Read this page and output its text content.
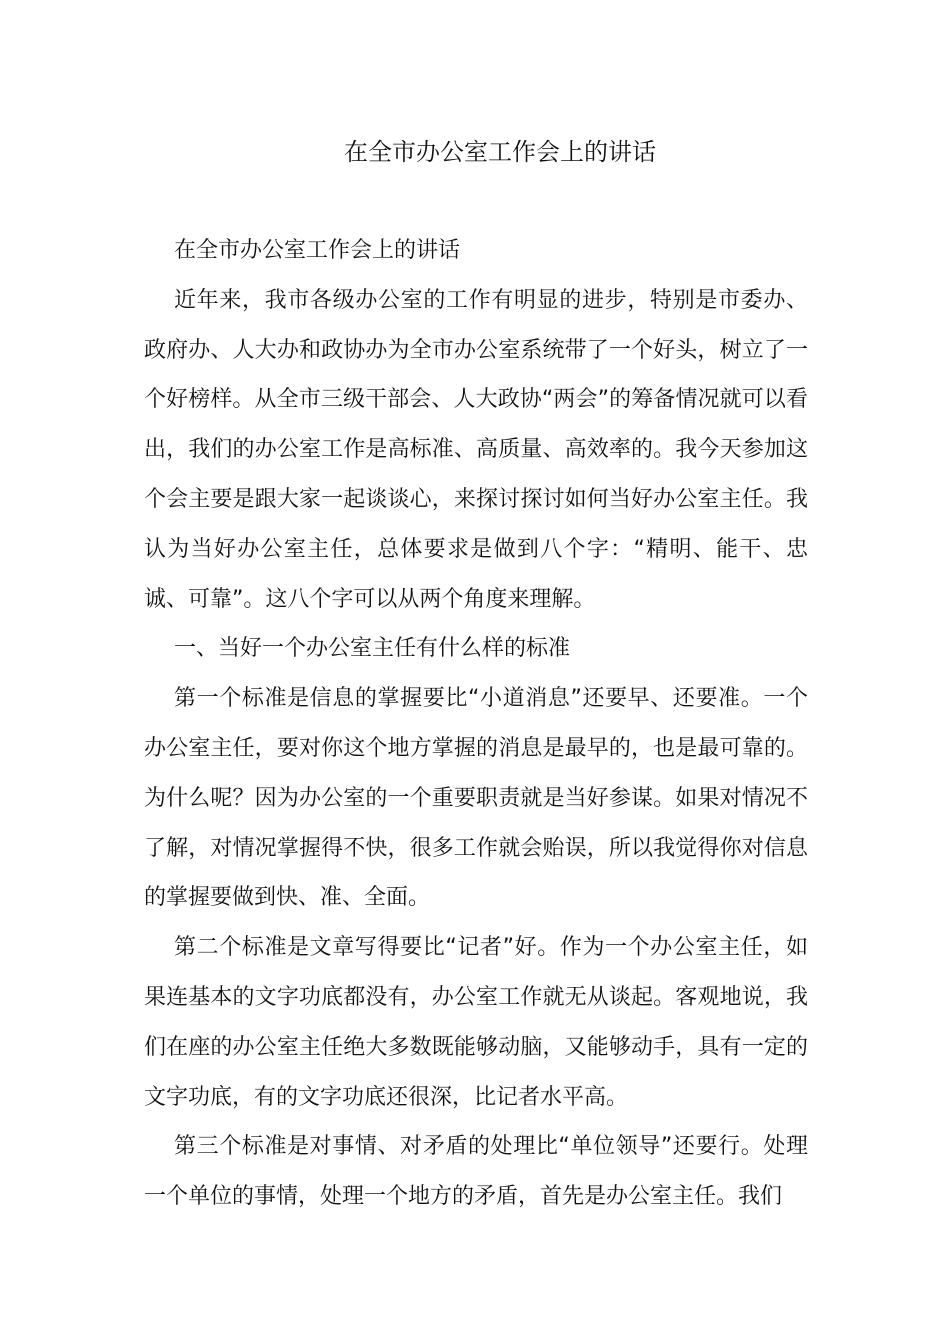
在全市办公室工作会上的讲话

在全市办公室工作会上的讲话

近年来，我市各级办公室的工作有明显的进步，特别是市委办、政府办、人大办和政协办为全市办公室系统带了一个好头，树立了一个好榜样。从全市三级干部会、人大政协“两会”的筹备情况就可以看出，我们的办公室工作是高标准、高质量、高效率的。我今天参加这个会主要是跟大家一起谈谈心，来探讨探讨如何当好办公室主任。我认为当好办公室主任，总体要求是做到八个字：“精明、能干、忠诚、可靠”。这八个字可以从两个角度来理解。

一、当好一个办公室主任有什么样的标准

第一个标准是信息的掌握要比“小道消息”还要早、还要准。一个办公室主任，要对你这个地方掌握的消息是最早的，也是最可靠的。为什么呢？因为办公室的一个重要职责就是当好参谋。如果对情况不了解，对情况掌握得不快，很多工作就会贻误，所以我觉得你对信息的掌握要做到快、准、全面。

第二个标准是文章写得要比“记者”好。作为一个办公室主任，如果连基本的文字功底都没有，办公室工作就无从谈起。客观地说，我们在座的办公室主任绝大多数既能够动脑，又能够动手，具有一定的文字功底，有的文字功底还很深，比记者水平高。

第三个标准是对事情、对矛盾的处理比“单位领导”还要行。处理一个单位的事情，处理一个地方的矛盾，首先是办公室主任。我们
